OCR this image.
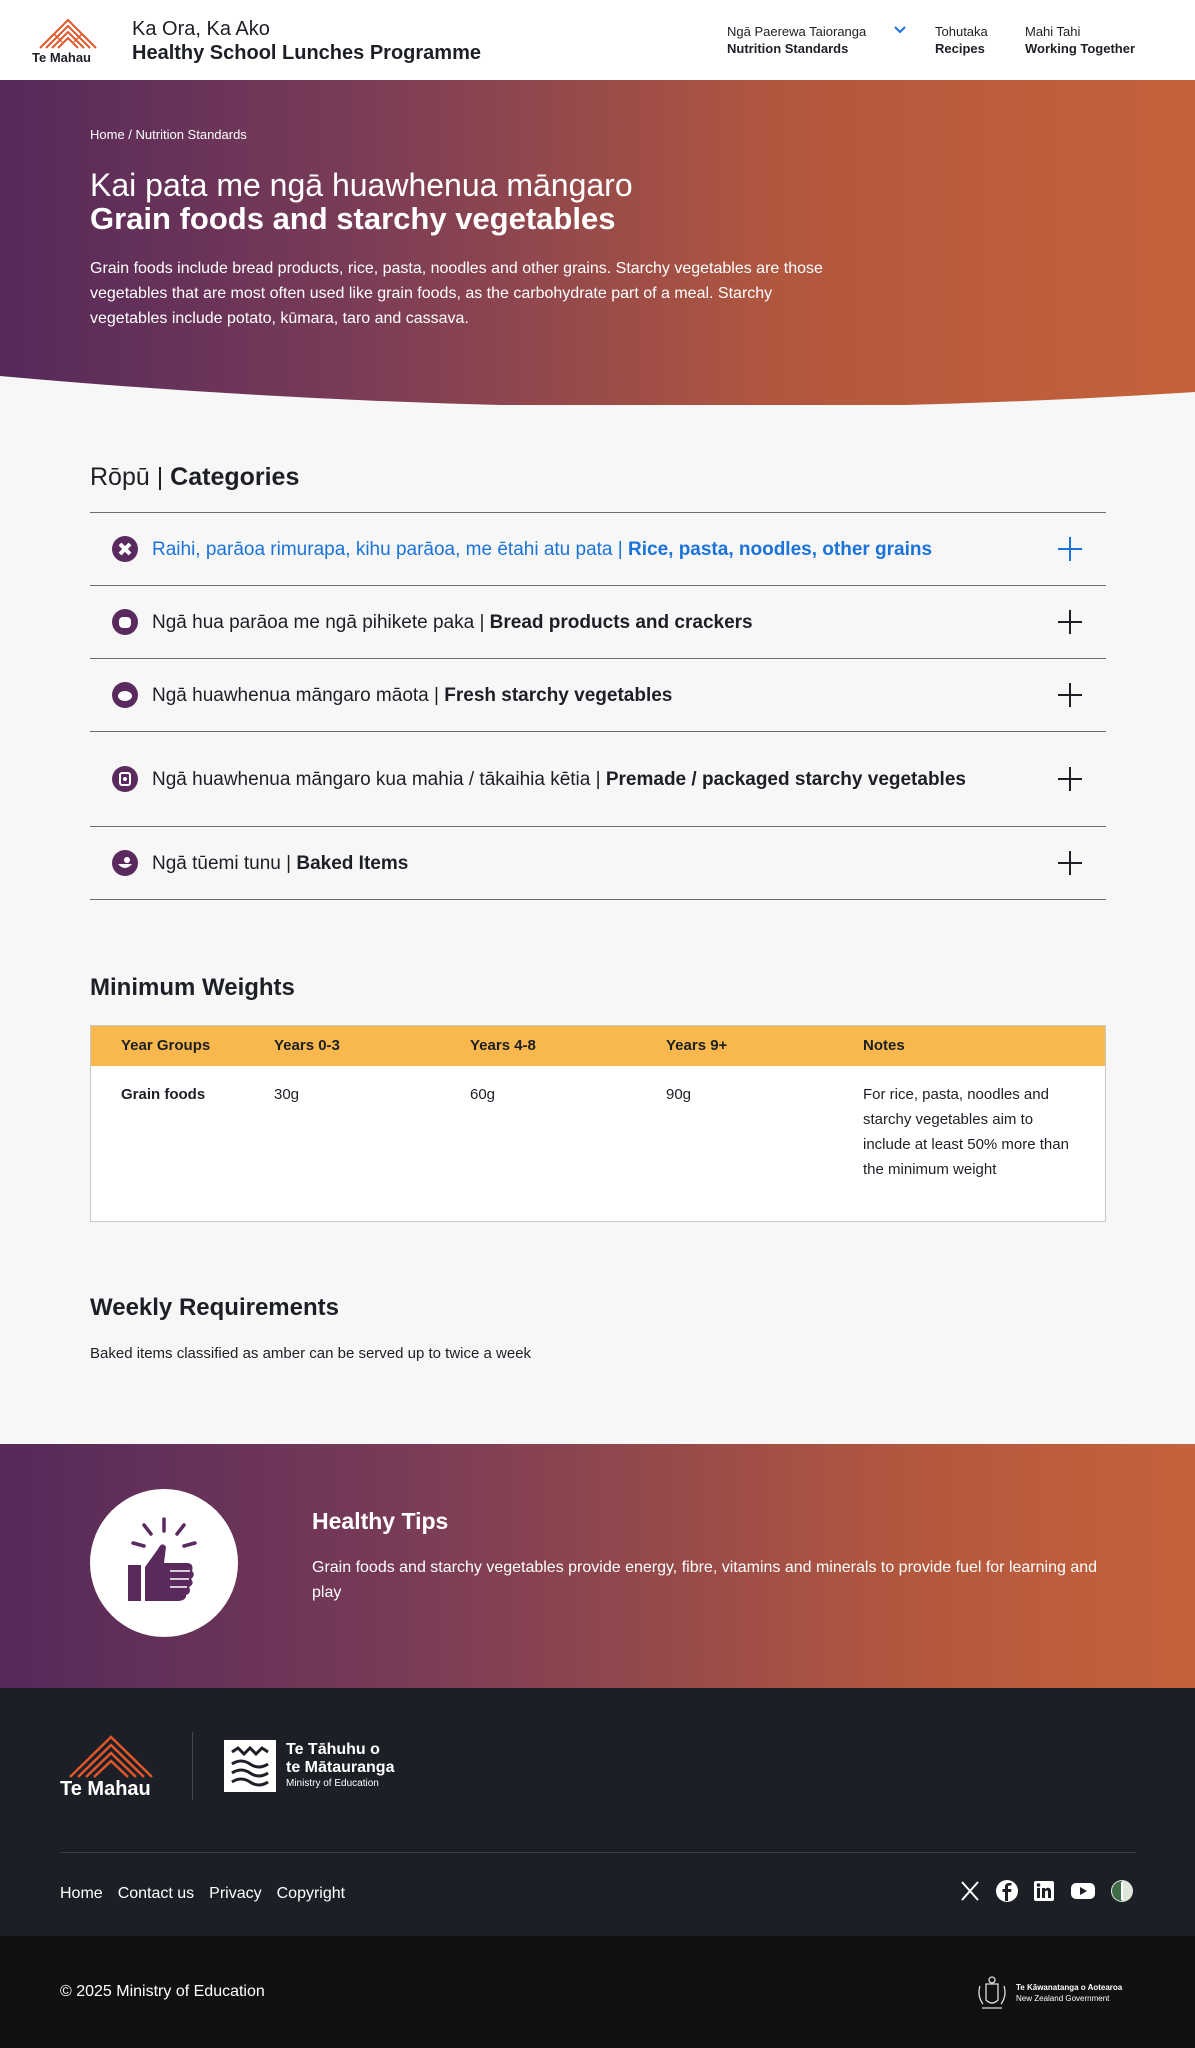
Te Mahau
Ka Ora, Ka Ako
Healthy School Lunches Programme
Ngā Paerewa Taioranga
Nutrition Standards
Tohutaka
Recipes
Mahi Tahi
Working Together
Home / Nutrition Standards
Kai pata me ngā huawhenua māngaro
Grain foods and starchy vegetables
Grain foods include bread products, rice, pasta, noodles and other grains. Starchy vegetables are those vegetables that are most often used like grain foods, as the carbohydrate part of a meal. Starchy vegetables include potato, kūmara, taro and cassava.
Rōpū | Categories
Raihi, parāoa rimurapa, kihu parāoa, me ētahi atu pata | Rice, pasta, noodles, other grains
Ngā hua parāoa me ngā pihikete paka | Bread products and crackers
Ngā huawhenua māngaro māota | Fresh starchy vegetables
Ngā huawhenua māngaro kua mahia / tākaihia kētia | Premade / packaged starchy vegetables
Ngā tūemi tunu | Baked Items
Minimum Weights
Year Groups	Years 0-3	Years 4-8	Years 9+	Notes
Grain foods	30g	60g	90g	For rice, pasta, noodles and starchy vegetables aim to include at least 50% more than the minimum weight
Weekly Requirements
Baked items classified as amber can be served up to twice a week
Healthy Tips
Grain foods and starchy vegetables provide energy, fibre, vitamins and minerals to provide fuel for learning and play
Te Mahau
Te Tāhuhu o
te Mātauranga
Ministry of Education
Home Contact us Privacy Copyright
© 2025 Ministry of Education	Te Kāwanatanga o Aotearoa
New Zealand Government
